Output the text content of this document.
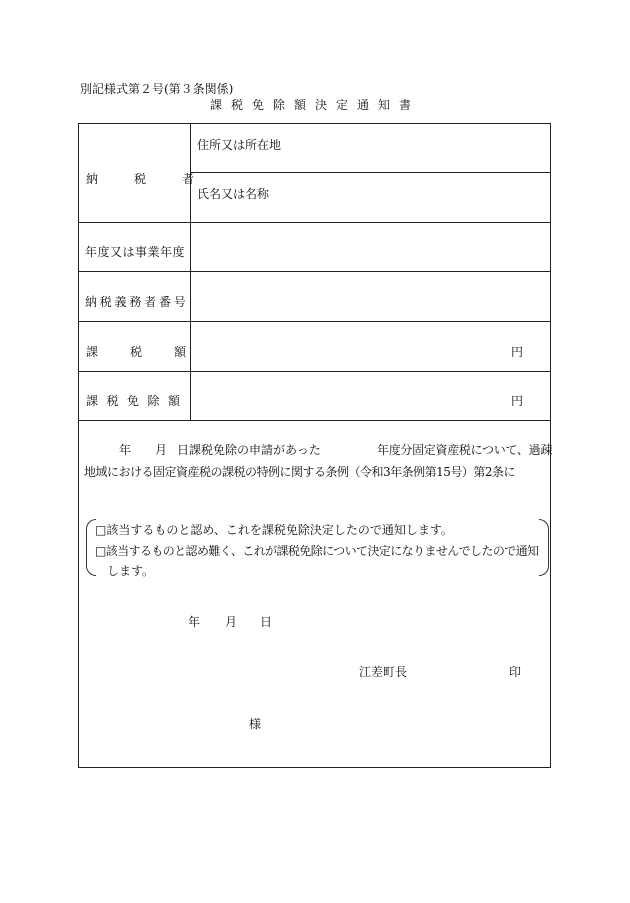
別記様式第２号(第３条関係)
課税免除額決定通知書
納税者
住所又は所在地
氏名又は名称
年度又は事業年度
納税義務者番号
課税額
課税免除額
円
円
年 月 日課税免除の申請があった	年度分固定資産税について、過疎
地域における固定資産税の課税の特例に関する条例（令和3年条例第15号）第2条に
□該当するものと認め、これを課税免除決定したので通知します。
□該当するものと認め難く、これが課税免除について決定になりませんでしたので通知
します。
年 月 日
江差町長	印
様
